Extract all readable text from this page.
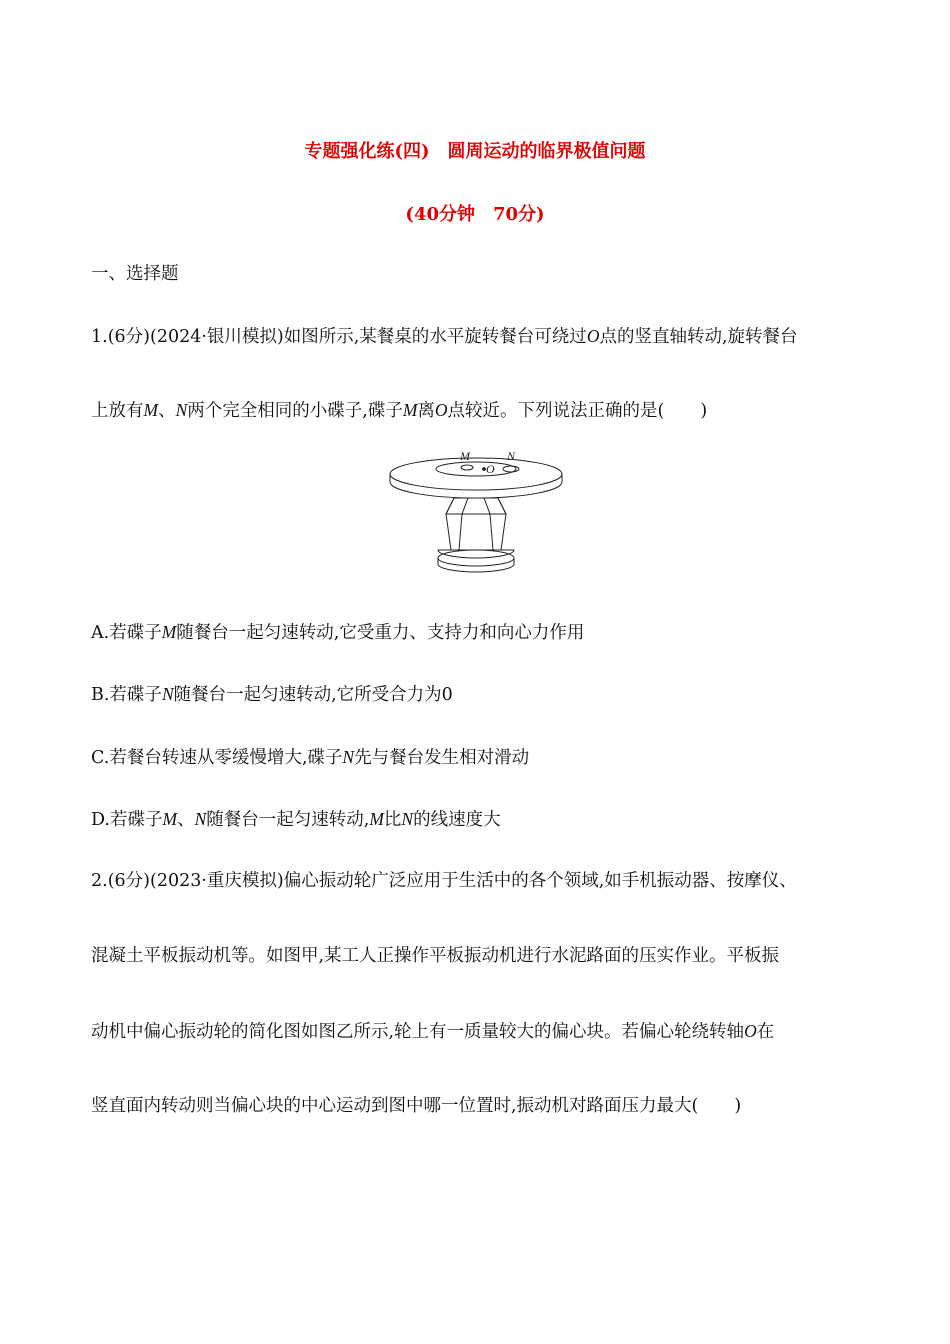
专题强化练(四)　圆周运动的临界极值问题
(40分钟　70分)
一、选择题
1.(6分)(2024·银川模拟)如图所示,某餐桌的水平旋转餐台可绕过O点的竖直轴转动,旋转餐台
上放有M、N两个完全相同的小碟子,碟子M离O点较近。下列说法正确的是( )
M
O
N
A.若碟子M随餐台一起匀速转动,它受重力、支持力和向心力作用
B.若碟子N随餐台一起匀速转动,它所受合力为0
C.若餐台转速从零缓慢增大,碟子N先与餐台发生相对滑动
D.若碟子M、N随餐台一起匀速转动,M比N的线速度大
2.(6分)(2023·重庆模拟)偏心振动轮广泛应用于生活中的各个领域,如手机振动器、按摩仪、
混凝土平板振动机等。如图甲,某工人正操作平板振动机进行水泥路面的压实作业。平板振
动机中偏心振动轮的简化图如图乙所示,轮上有一质量较大的偏心块。若偏心轮绕转轴O在
竖直面内转动则当偏心块的中心运动到图中哪一位置时,振动机对路面压力最大( )
